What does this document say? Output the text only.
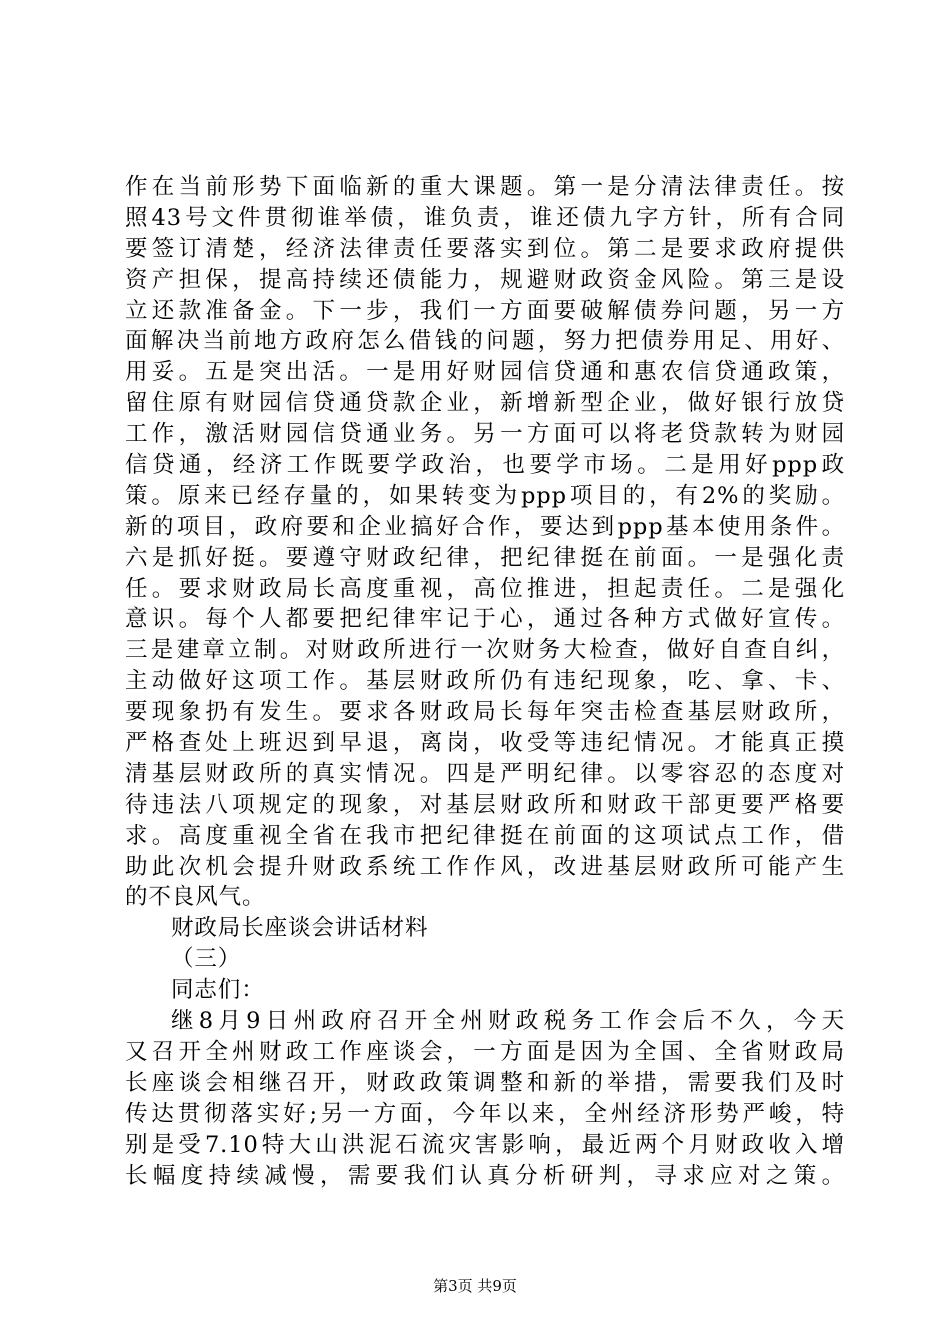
作在当前形势下面临新的重大课题。第一是分清法律责任。按
照43号文件贯彻谁举债，谁负责，谁还债九字方针，所有合同
要签订清楚，经济法律责任要落实到位。第二是要求政府提供
资产担保，提高持续还债能力，规避财政资金风险。第三是设
立还款准备金。下一步，我们一方面要破解债券问题，另一方
面解决当前地方政府怎么借钱的问题，努力把债券用足、用好、
用妥。五是突出活。一是用好财园信贷通和惠农信贷通政策，
留住原有财园信贷通贷款企业，新增新型企业，做好银行放贷
工作，激活财园信贷通业务。另一方面可以将老贷款转为财园
信贷通，经济工作既要学政治，也要学市场。二是用好ppp政
策。原来已经存量的，如果转变为ppp项目的，有2%的奖励。
新的项目，政府要和企业搞好合作，要达到ppp基本使用条件。
六是抓好挺。要遵守财政纪律，把纪律挺在前面。一是强化责
任。要求财政局长高度重视，高位推进，担起责任。二是强化
意识。每个人都要把纪律牢记于心，通过各种方式做好宣传。
三是建章立制。对财政所进行一次财务大检查，做好自查自纠，
主动做好这项工作。基层财政所仍有违纪现象，吃、拿、卡、
要现象扔有发生。要求各财政局长每年突击检查基层财政所，
严格查处上班迟到早退，离岗，收受等违纪情况。才能真正摸
清基层财政所的真实情况。四是严明纪律。以零容忍的态度对
待违法八项规定的现象，对基层财政所和财政干部更要严格要
求。高度重视全省在我市把纪律挺在前面的这项试点工作，借
助此次机会提升财政系统工作作风，改进基层财政所可能产生
的不良风气。
财政局长座谈会讲话材料
（三）
同志们：
继8月9日州政府召开全州财政税务工作会后不久，今天
又召开全州财政工作座谈会，一方面是因为全国、全省财政局
长座谈会相继召开，财政政策调整和新的举措，需要我们及时
传达贯彻落实好;另一方面，今年以来，全州经济形势严峻，特
别是受7.10特大山洪泥石流灾害影响，最近两个月财政收入增
长幅度持续减慢，需要我们认真分析研判，寻求应对之策。
第3页 共9页
